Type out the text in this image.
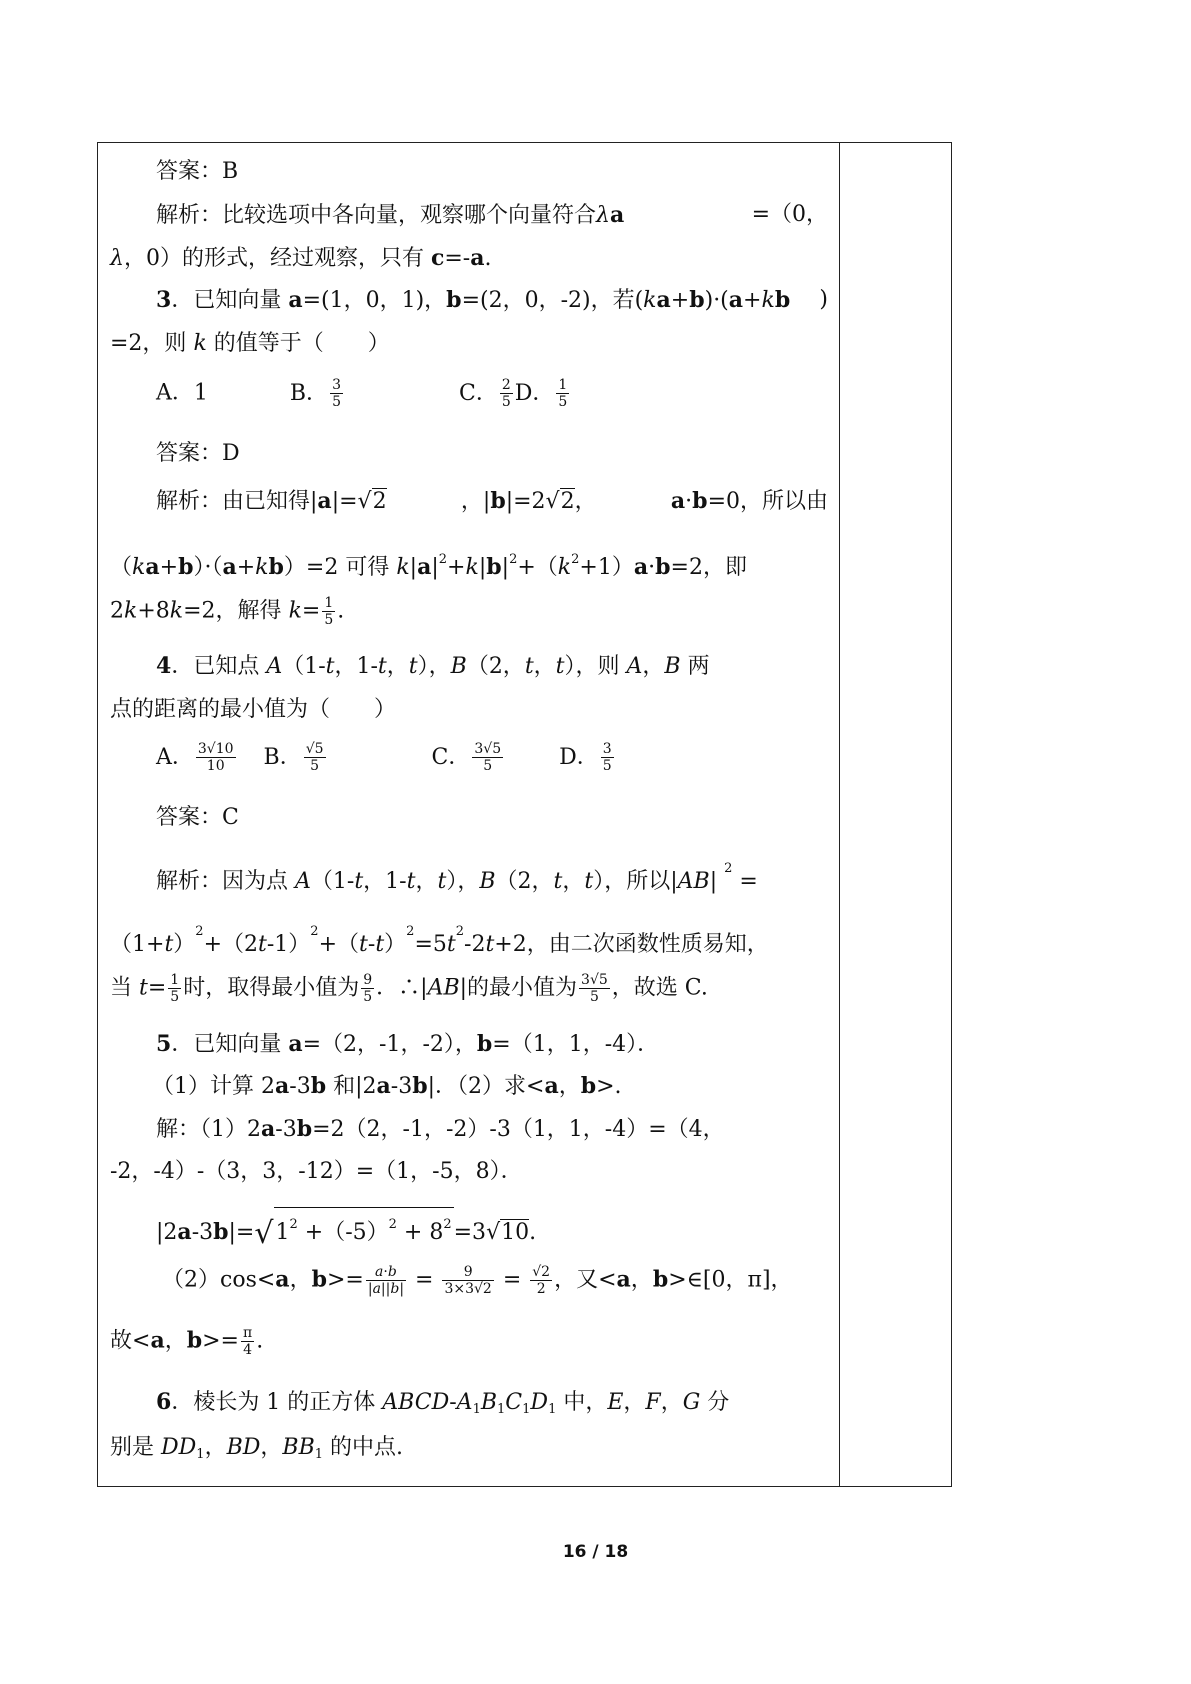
答案：B
解析：比较选项中各向量，观察哪个向量符合λa	=（0，
λ，0）的形式，经过观察，只有 c=-a.
3．已知向量 a=(1，0，1)，b=(2，0，-2)，若(ka+b)·(a+kb )
=2，则 k 的值等于（　　）
A．1	B． $\frac{3}{5}$	C． $\frac{2}{5}$ D． $\frac{1}{5}$
答案：D
解析：由已知得|a|=√2	，|b|=2√2，	a·b=0，所以由
（ka+b）·（a+kb）=2 可得 $k|a|^2+k|b|^2+(k^2+1)a\cdot b=2$，即
2k+8k=2，解得 $k= \frac{1}{5}$ .
4．已知点 A（1-t，1-t，t），B（2，t，t），则 A，B 两
点的距离的最小值为（　　）
A． $\frac{3√10}{10}$ B． $\frac{√5}{5}$	C． $\frac{3√5}{5}$	D． $\frac{3}{5}$
答案：C
解析：因为点 A（1-t，1-t，t），B（2，t，t），所以|AB| $^2$ =
$(1+t)^2+(2t-1)^2+(t-t)^2=5t^2-2t+2$，由二次函数性质易知，
当 $t= \frac{1}{5}$ 时，取得最小值为 $\frac{9}{5}$ ．∴|AB|的最小值为 $\frac{3√5}{5}$ ，故选 C.
5．已知向量 a=（2，-1，-2），b=（1，1，-4）．
（1）计算 2a-3b 和|2a-3b|．（2）求<a，b>.
解：（1）2a-3b=2（2，-1，-2）-3（1，1，-4）=（4，
-2，-4）-（3，3，-12）=（1，-5，8）．
$|2a-3b|=√1^2 +(-5)^2 + 8^2=3√10$.
（2）cos<a，$b>= \frac{a\cdot b}{|a||b|} = \frac{9}{3\times 3√2} = \frac{√2}{2}$ ，又<a，b>∈[0，π]，
故<a，$b>= \frac{\pi}{4}$ .
6．棱长为 1 的正方体 ABCD-$A_1B_1C_1D_1$ 中，E，F，G 分
别是 $DD_1$，BD，$BB_1$ 的中点.
16 / 18
